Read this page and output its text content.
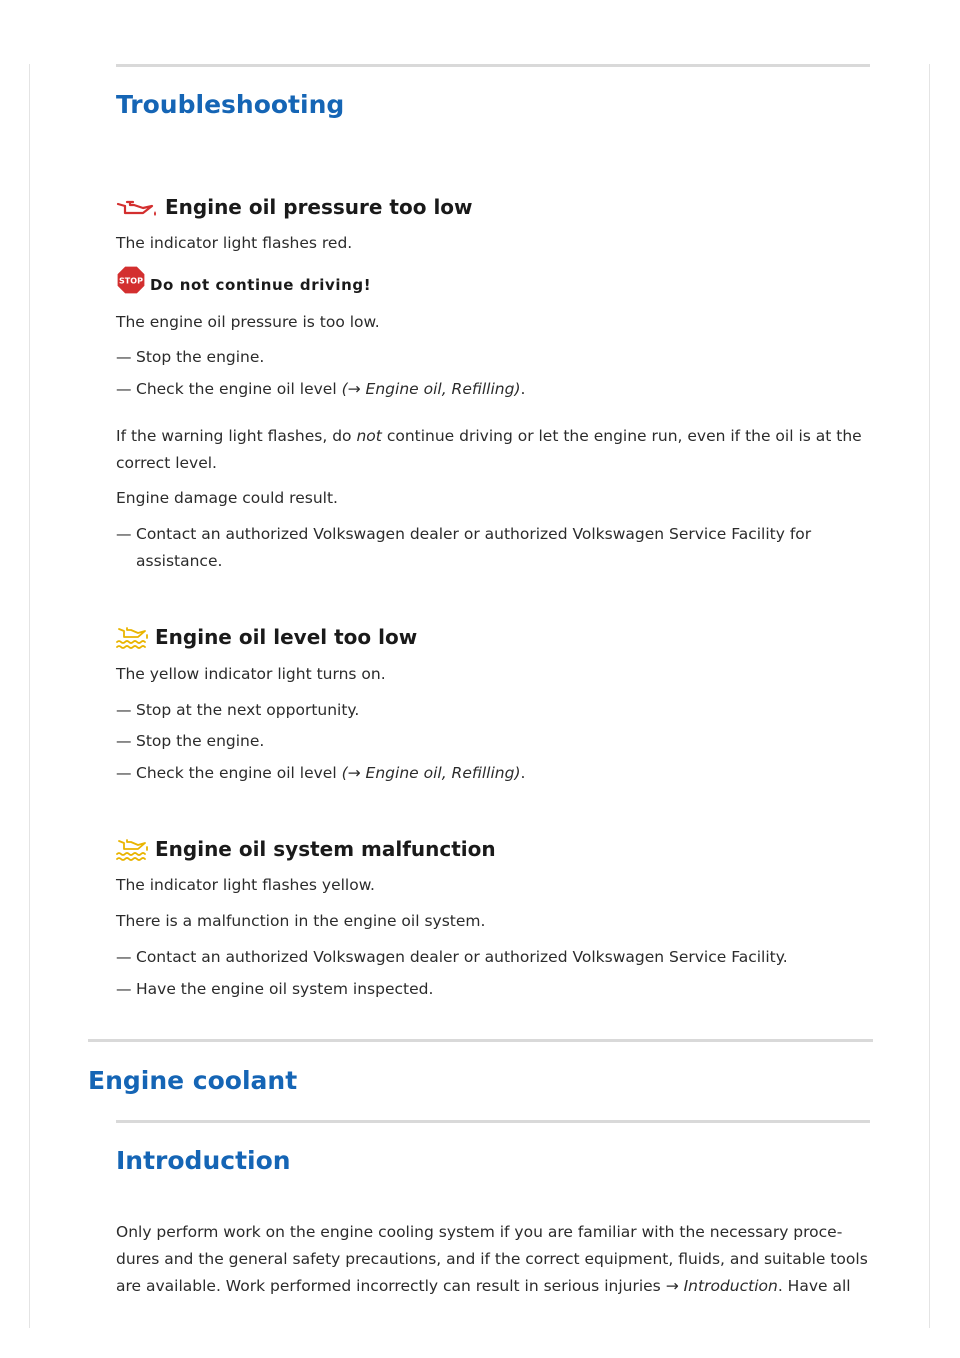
Troubleshooting
Engine oil pressure too low
The indicator light flashes red.
STOP Do not continue driving!
The engine oil pressure is too low.
— Stop the engine.
— Check the engine oil level (→ Engine oil, Refilling).
If the warning light flashes, do not continue driving or let the engine run, even if the oil is at the correct level.
Engine damage could result.
— Contact an authorized Volkswagen dealer or authorized Volkswagen Service Facility for assistance.
Engine oil level too low
The yellow indicator light turns on.
— Stop at the next opportunity.
— Stop the engine.
— Check the engine oil level (→ Engine oil, Refilling).
Engine oil system malfunction
The indicator light flashes yellow.
There is a malfunction in the engine oil system.
— Contact an authorized Volkswagen dealer or authorized Volkswagen Service Facility.
— Have the engine oil system inspected.
Engine coolant
Introduction
Only perform work on the engine cooling system if you are familiar with the necessary proce-dures and the general safety precautions, and if the correct equipment, fluids, and suitable tools are available. Work performed incorrectly can result in serious injuries → Introduction. Have all
